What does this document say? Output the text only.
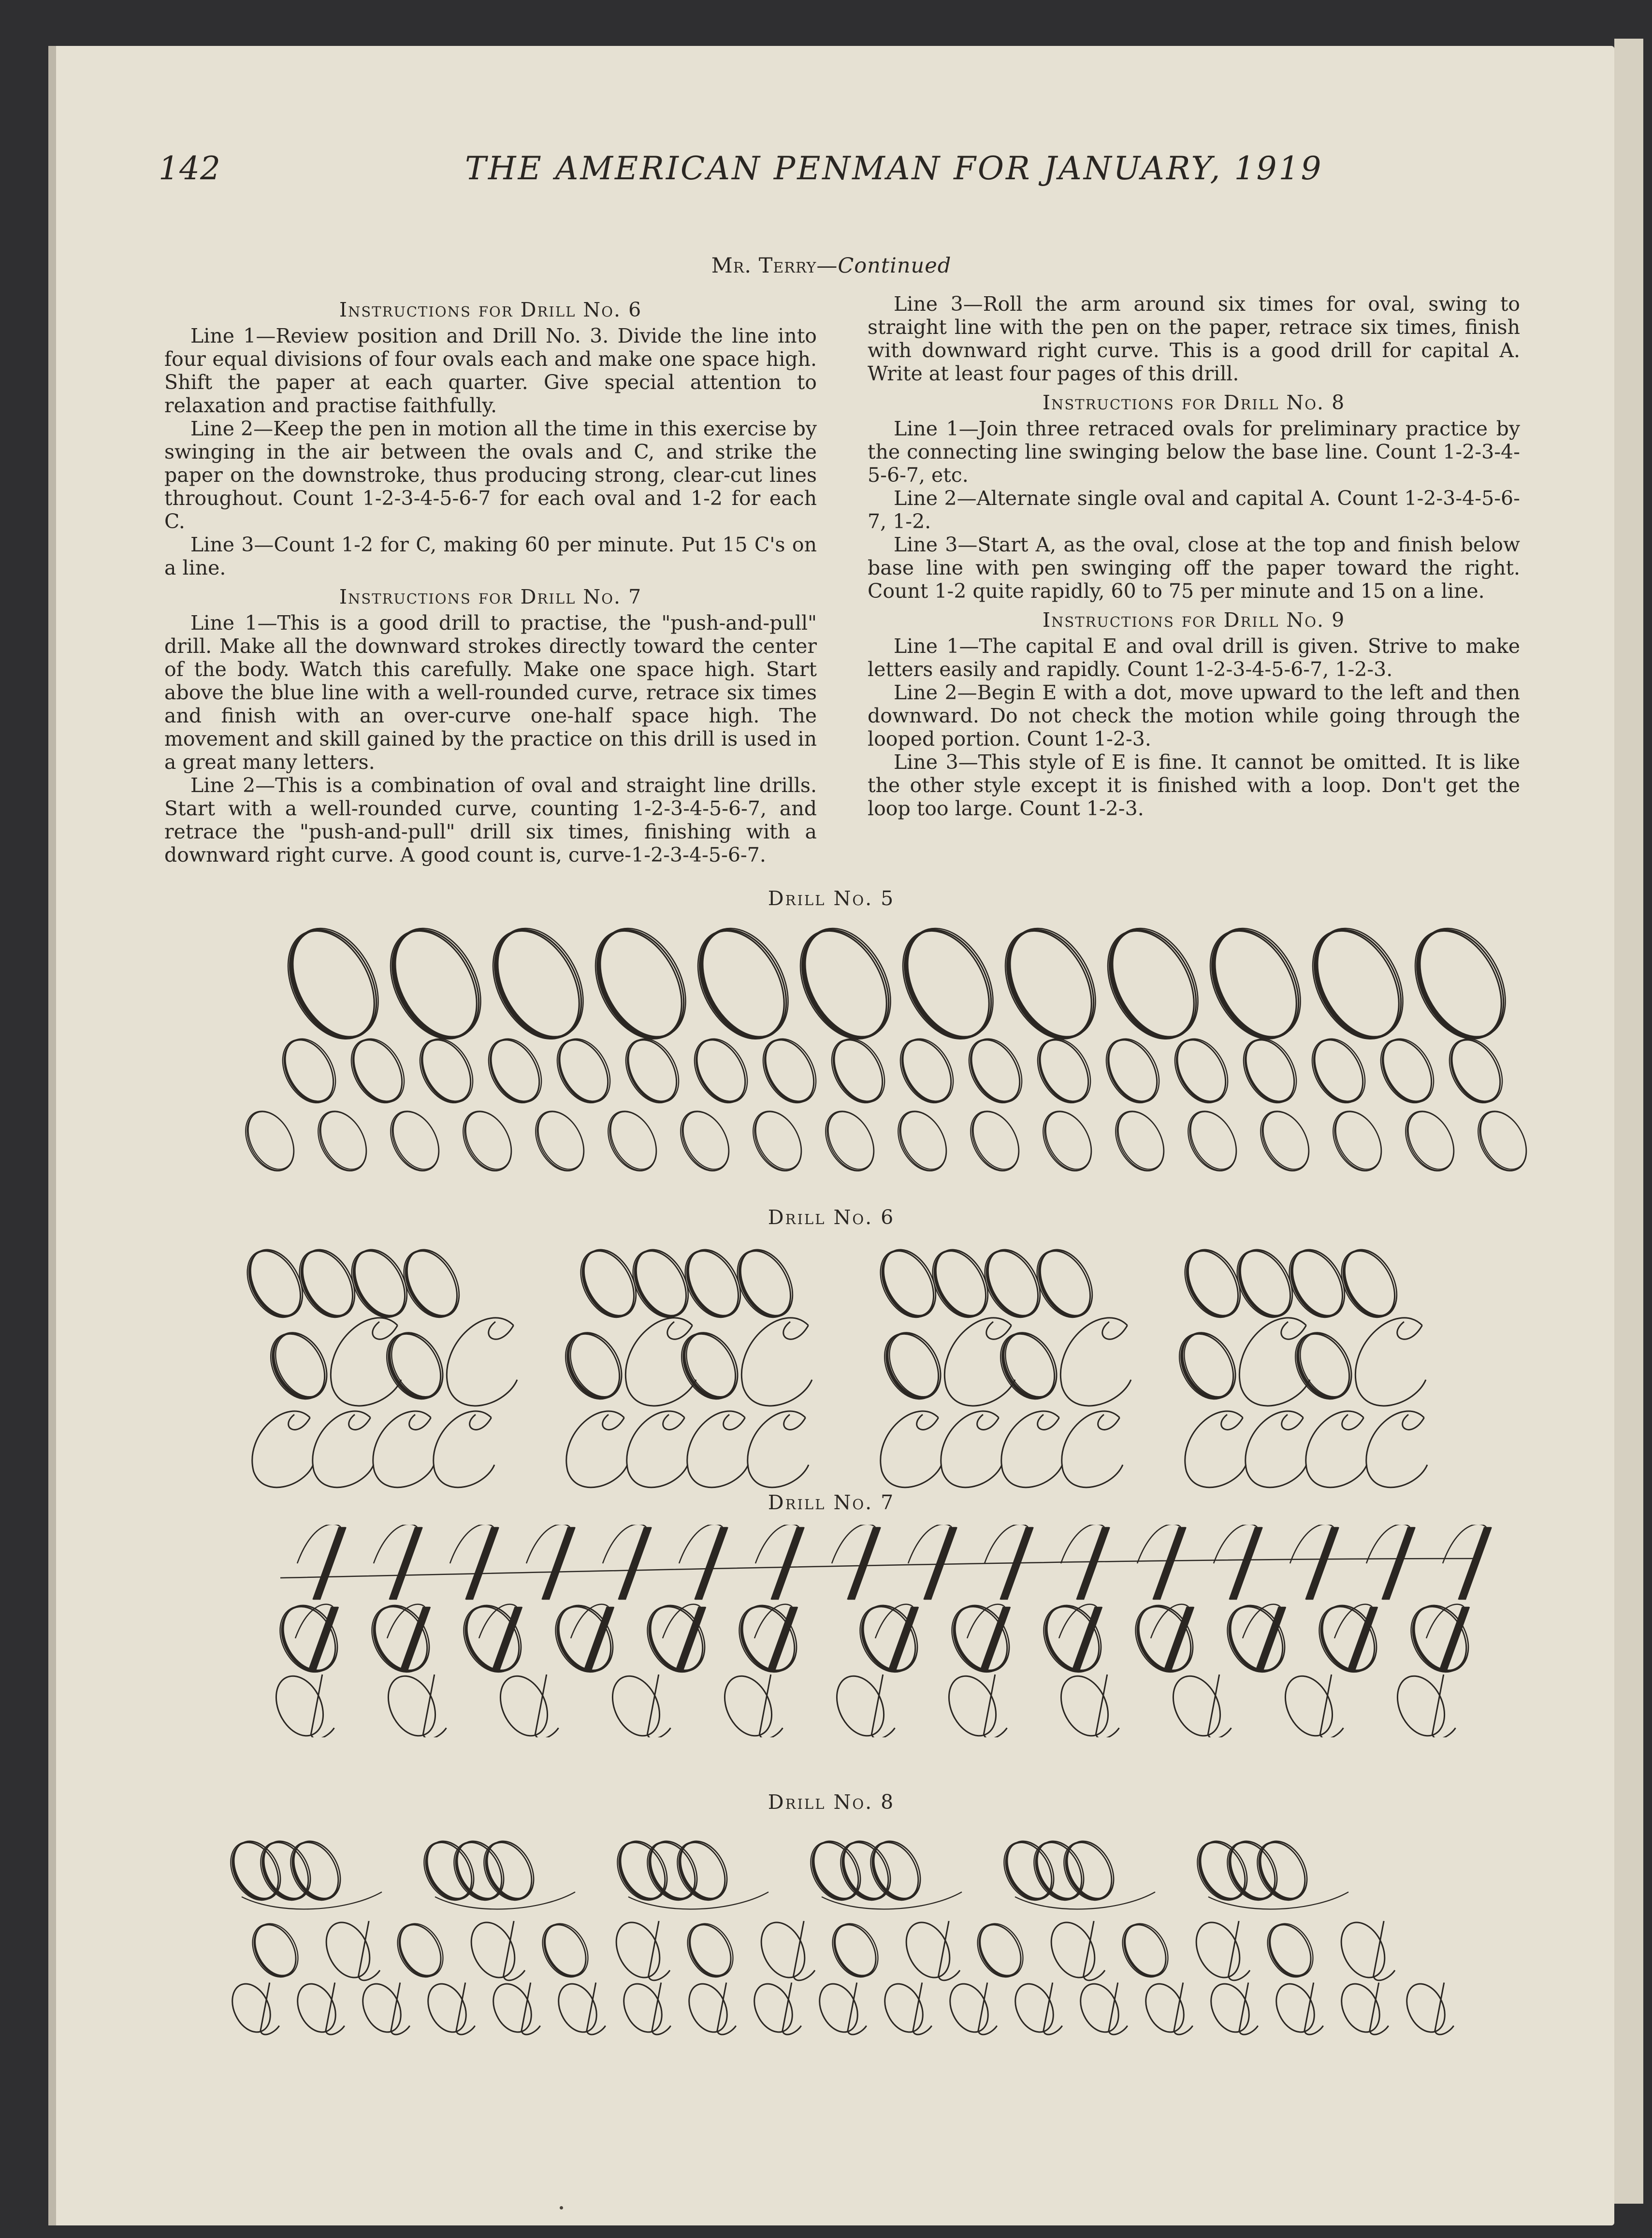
142	THE AMERICAN PENMAN FOR JANUARY, 1919
Mr. Terry—Continued
Instructions for Drill No. 6

Line 1—Review position and Drill No. 3. Divide the line into four equal divisions of four ovals each and make one space high. Shift the paper at each quarter. Give special attention to relaxation and practise faithfully.

Line 2—Keep the pen in motion all the time in this exercise by swinging in the air between the ovals and C, and strike the paper on the downstroke, thus producing strong, clear-cut lines throughout. Count 1-2-3-4-5-6-7 for each oval and 1-2 for each C.

Line 3—Count 1-2 for C, making 60 per minute. Put 15 C's on a line.

Instructions for Drill No. 7

Line 1—This is a good drill to practise, the "push-and-pull" drill. Make all the downward strokes directly toward the center of the body. Watch this carefully. Make one space high. Start above the blue line with a well-rounded curve, retrace six times and finish with an over-curve one-half space high. The movement and skill gained by the practice on this drill is used in a great many letters.

Line 2—This is a combination of oval and straight line drills. Start with a well-rounded curve, counting 1-2-3-4-5-6-7, and retrace the "push-and-pull" drill six times, finishing with a downward right curve. A good count is, curve-1-2-3-4-5-6-7.

Line 3—Roll the arm around six times for oval, swing to straight line with the pen on the paper, retrace six times, finish with downward right curve. This is a good drill for capital A. Write at least four pages of this drill.

Instructions for Drill No. 8

Line 1—Join three retraced ovals for preliminary practice by the connecting line swinging below the base line. Count 1-2-3-4-5-6-7, etc.

Line 2—Alternate single oval and capital A. Count 1-2-3-4-5-6-7, 1-2.

Line 3—Start A, as the oval, close at the top and finish below base line with pen swinging off the paper toward the right. Count 1-2 quite rapidly, 60 to 75 per minute and 15 on a line.

Instructions for Drill No. 9

Line 1—The capital E and oval drill is given. Strive to make letters easily and rapidly. Count 1-2-3-4-5-6-7, 1-2-3.

Line 2—Begin E with a dot, move upward to the left and then downward. Do not check the motion while going through the looped portion. Count 1-2-3.

Line 3—This style of E is fine. It cannot be omitted. It is like the other style except it is finished with a loop. Don't get the loop too large. Count 1-2-3.

Drill No. 5
Drill No. 6
Drill No. 7
Drill No. 8
